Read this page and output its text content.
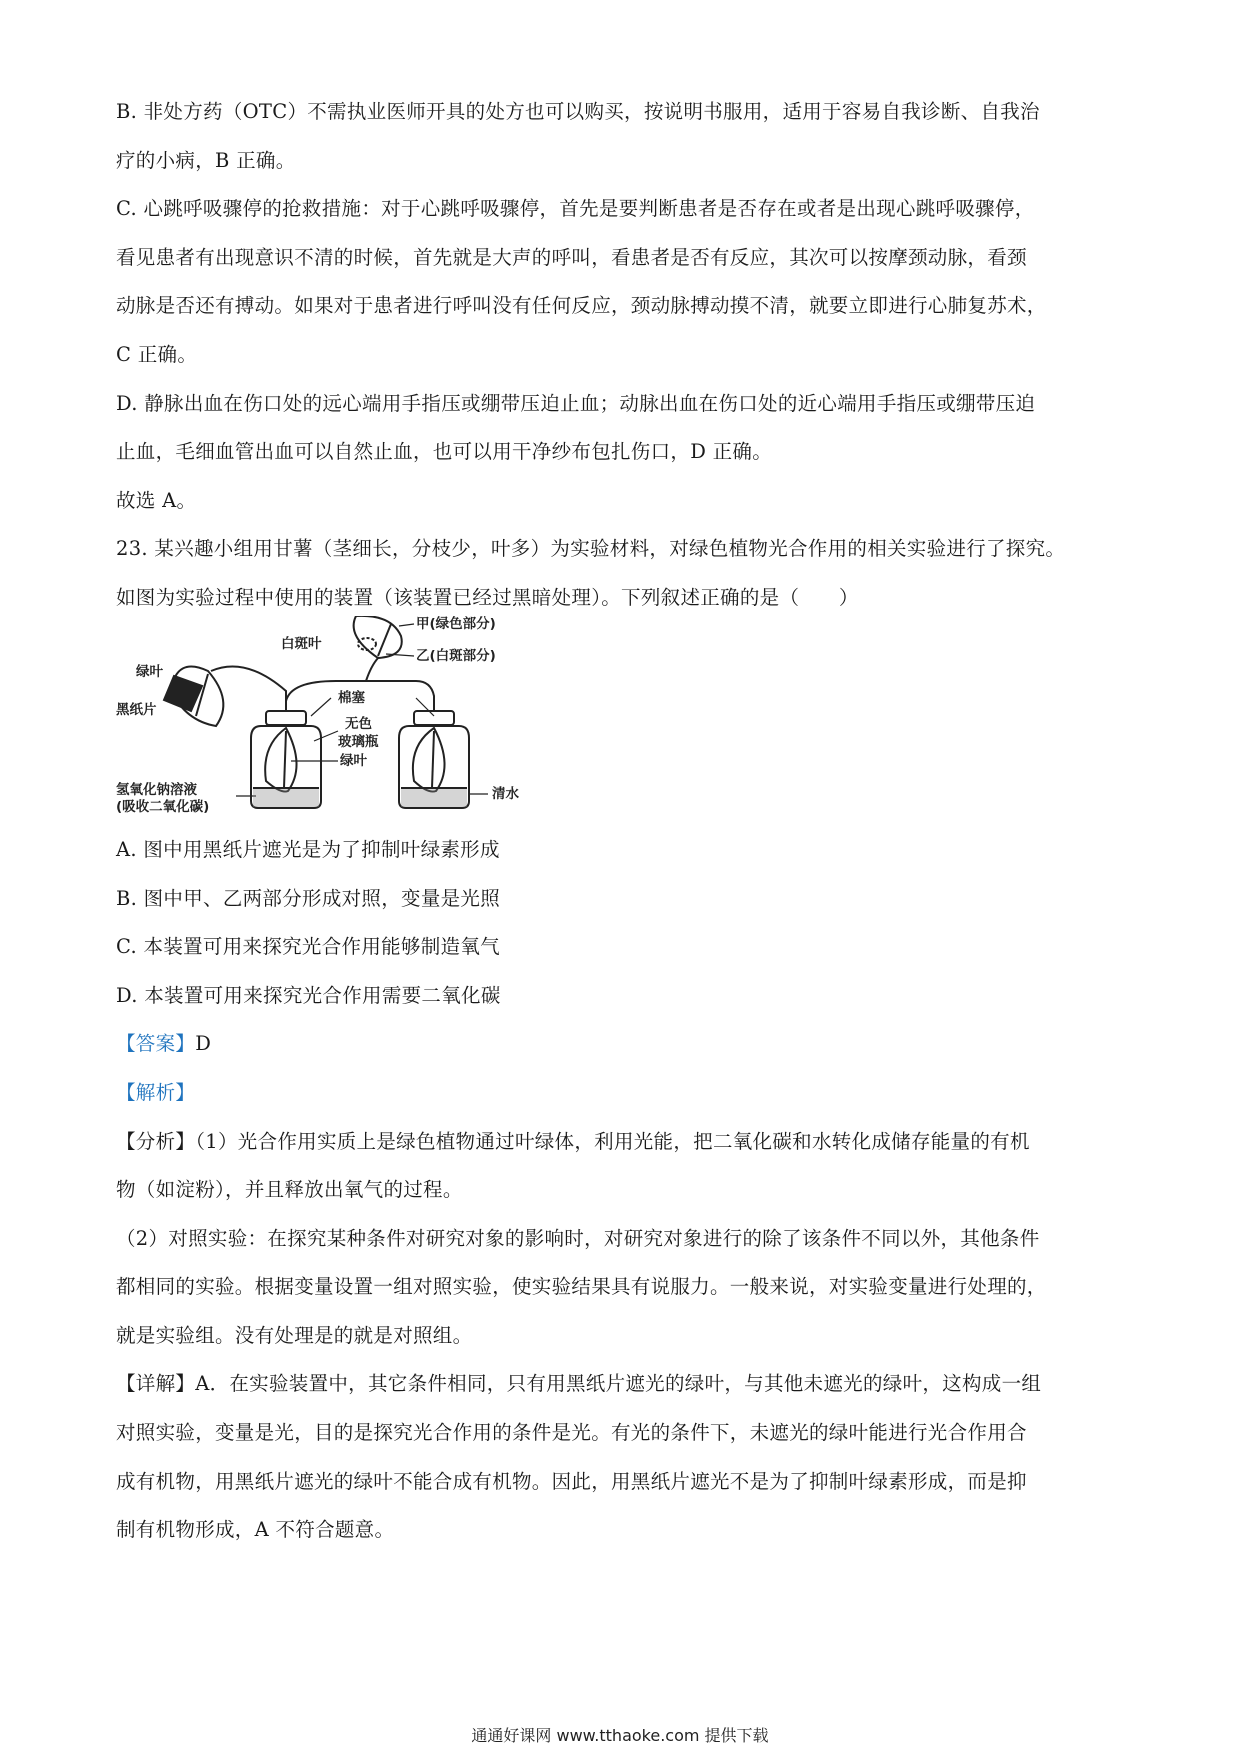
B. 非处方药（OTC）不需执业医师开具的处方也可以购买，按说明书服用，适用于容易自我诊断、自我治
疗的小病，B 正确。
C. 心跳呼吸骤停的抢救措施：对于心跳呼吸骤停，首先是要判断患者是否存在或者是出现心跳呼吸骤停，
看见患者有出现意识不清的时候，首先就是大声的呼叫，看患者是否有反应，其次可以按摩颈动脉，看颈
动脉是否还有搏动。如果对于患者进行呼叫没有任何反应，颈动脉搏动摸不清，就要立即进行心肺复苏术，
C 正确。
D. 静脉出血在伤口处的远心端用手指压或绷带压迫止血；动脉出血在伤口处的近心端用手指压或绷带压迫
止血，毛细血管出血可以自然止血，也可以用干净纱布包扎伤口，D 正确。
故选 A。
23. 某兴趣小组用甘薯（茎细长，分枝少，叶多）为实验材料，对绿色植物光合作用的相关实验进行了探究。
如图为实验过程中使用的装置（该装置已经过黑暗处理）。下列叙述正确的是（　　）
甲(绿色部分)
白斑叶
乙(白斑部分)
绿叶
黑纸片
棉塞
无色
玻璃瓶
绿叶
氢氧化钠溶液
(吸收二氧化碳)
清水
A. 图中用黑纸片遮光是为了抑制叶绿素形成
B. 图中甲、乙两部分形成对照，变量是光照
C. 本装置可用来探究光合作用能够制造氧气
D. 本装置可用来探究光合作用需要二氧化碳
【答案】D
【解析】
【分析】（1）光合作用实质上是绿色植物通过叶绿体，利用光能，把二氧化碳和水转化成储存能量的有机
物（如淀粉），并且释放出氧气的过程。
（2）对照实验：在探究某种条件对研究对象的影响时，对研究对象进行的除了该条件不同以外，其他条件
都相同的实验。根据变量设置一组对照实验，使实验结果具有说服力。一般来说，对实验变量进行处理的，
就是实验组。没有处理是的就是对照组。
【详解】A．在实验装置中，其它条件相同，只有用黑纸片遮光的绿叶，与其他未遮光的绿叶，这构成一组
对照实验，变量是光，目的是探究光合作用的条件是光。有光的条件下，未遮光的绿叶能进行光合作用合
成有机物，用黑纸片遮光的绿叶不能合成有机物。因此，用黑纸片遮光不是为了抑制叶绿素形成，而是抑
制有机物形成，A 不符合题意。
通通好课网 www.tthaoke.com 提供下载
